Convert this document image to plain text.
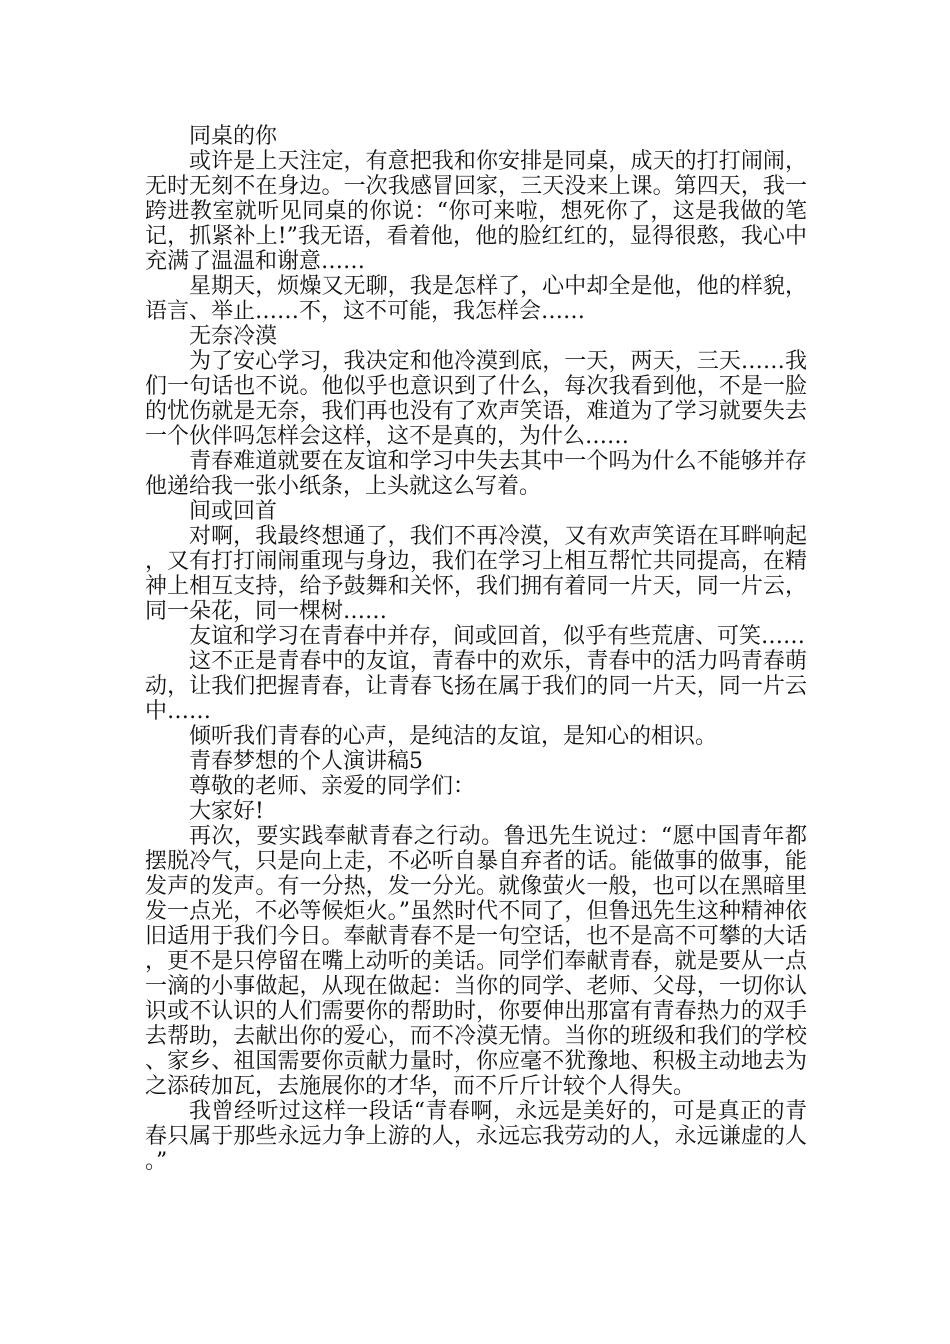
同桌的你

或许是上天注定，有意把我和你安排是同桌，成天的打打闹闹，无时无刻不在身边。一次我感冒回家，三天没来上课。第四天，我一跨进教室就听见同桌的你说：“你可来啦，想死你了，这是我做的笔记，抓紧补上!”我无语，看着他，他的脸红红的，显得很憨，我心中充满了温温和谢意……

星期天，烦燥又无聊，我是怎样了，心中却全是他，他的样貌，语言、举止……不，这不可能，我怎样会……

无奈冷漠

为了安心学习，我决定和他冷漠到底，一天，两天，三天……我们一句话也不说。他似乎也意识到了什么，每次我看到他，不是一脸的忧伤就是无奈，我们再也没有了欢声笑语，难道为了学习就要失去一个伙伴吗怎样会这样，这不是真的，为什么……

青春难道就要在友谊和学习中失去其中一个吗为什么不能够并存他递给我一张小纸条，上头就这么写着。

间或回首

对啊，我最终想通了，我们不再冷漠，又有欢声笑语在耳畔响起，又有打打闹闹重现与身边，我们在学习上相互帮忙共同提高，在精神上相互支持，给予鼓舞和关怀，我们拥有着同一片天，同一片云，同一朵花，同一棵树……

友谊和学习在青春中并存，间或回首，似乎有些荒唐、可笑……

这不正是青春中的友谊，青春中的欢乐，青春中的活力吗青春萌动，让我们把握青春，让青春飞扬在属于我们的同一片天，同一片云中……

倾听我们青春的心声，是纯洁的友谊，是知心的相识。

青春梦想的个人演讲稿5

尊敬的老师、亲爱的同学们：

大家好!

再次，要实践奉献青春之行动。鲁迅先生说过：“愿中国青年都摆脱冷气，只是向上走，不必听自暴自弃者的话。能做事的做事，能发声的发声。有一分热，发一分光。就像萤火一般，也可以在黑暗里发一点光，不必等候炬火。”虽然时代不同了，但鲁迅先生这种精神依旧适用于我们今日。奉献青春不是一句空话，也不是高不可攀的大话，更不是只停留在嘴上动听的美话。同学们奉献青春，就是要从一点一滴的小事做起，从现在做起：当你的同学、老师、父母，一切你认识或不认识的人们需要你的帮助时，你要伸出那富有青春热力的双手去帮助，去献出你的爱心，而不冷漠无情。当你的班级和我们的学校、家乡、祖国需要你贡献力量时，你应毫不犹豫地、积极主动地去为之添砖加瓦，去施展你的才华，而不斤斤计较个人得失。

我曾经听过这样一段话“青春啊，永远是美好的，可是真正的青春只属于那些永远力争上游的人，永远忘我劳动的人，永远谦虚的人。”
